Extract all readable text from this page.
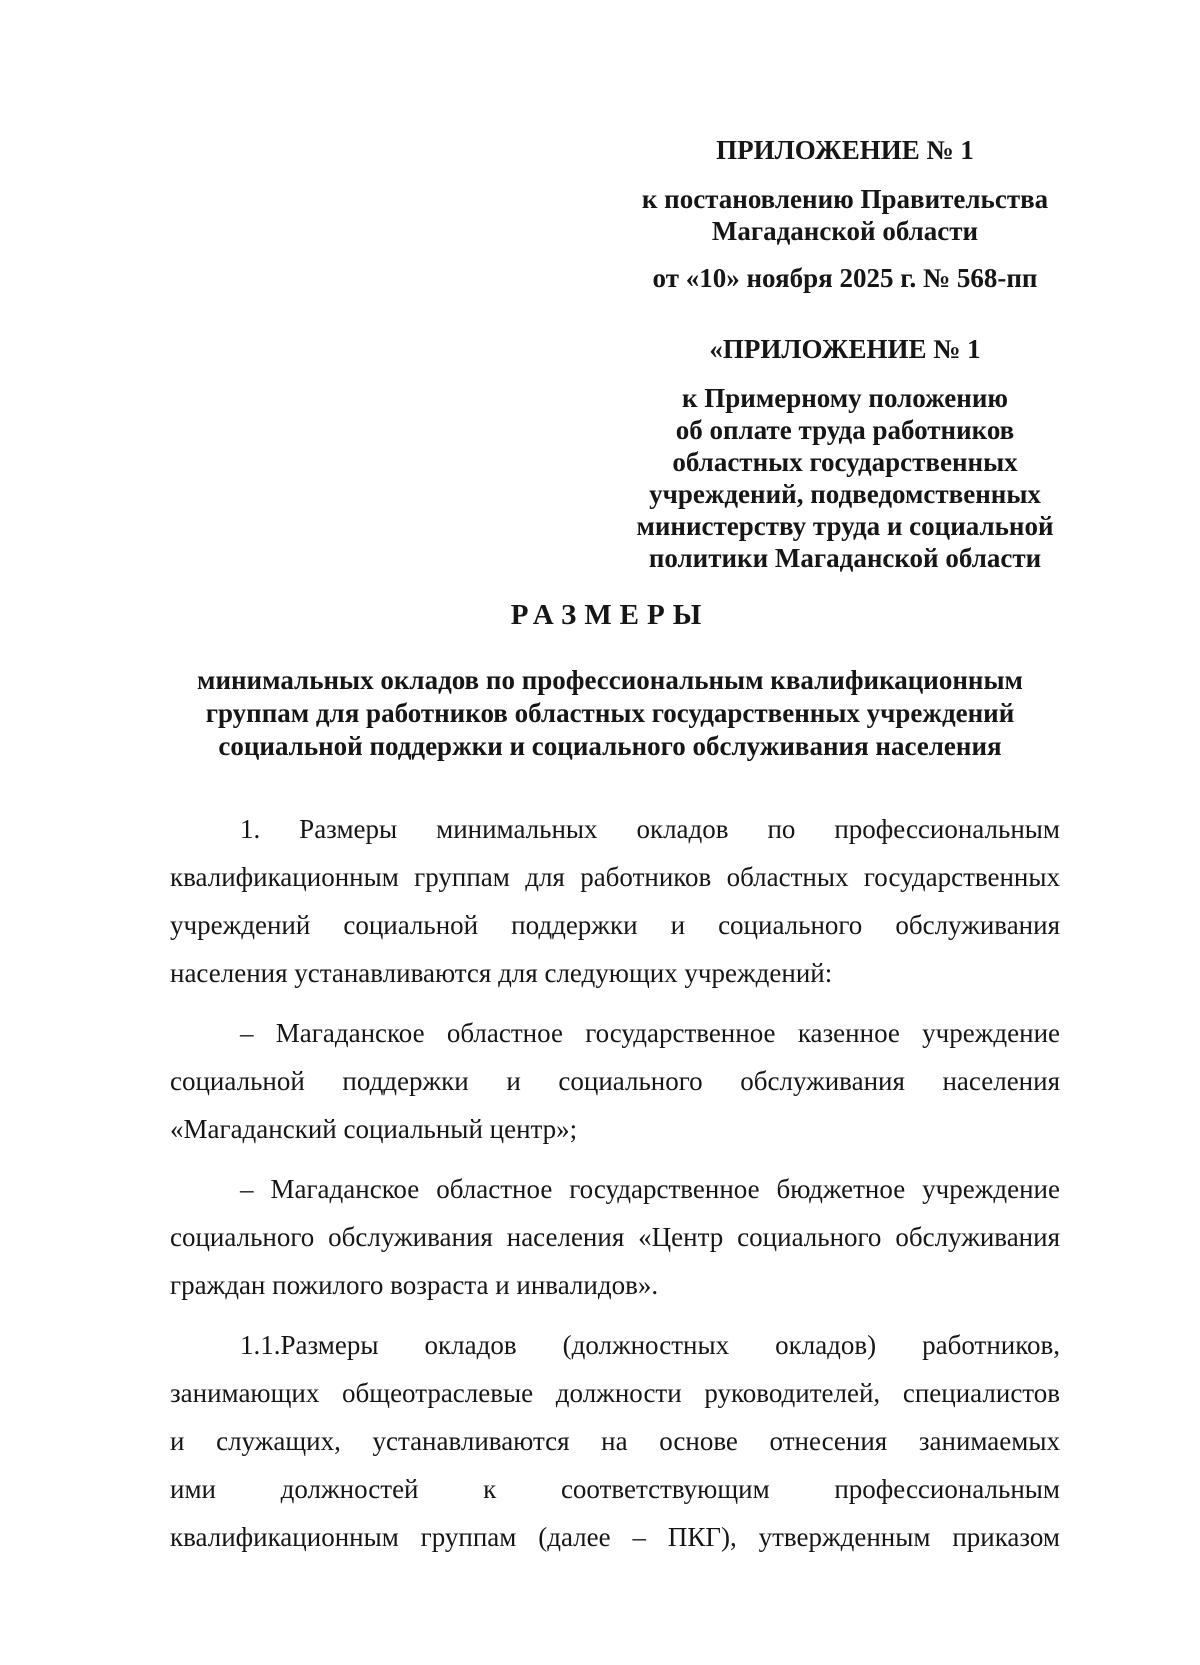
ПРИЛОЖЕНИЕ № 1
к постановлению Правительства
Магаданской области
от «10» ноября 2025 г. № 568-пп
«ПРИЛОЖЕНИЕ № 1
к Примерному положению
об оплате труда работников
областных государственных
учреждений, подведомственных
министерству труда и социальной
политики Магаданской области
РАЗМЕРЫ
минимальных окладов по профессиональным квалификационным
группам для работников областных государственных учреждений
социальной поддержки и социального обслуживания населения
1. Размеры минимальных окладов по профессиональным
квалификационным группам для работников областных государственных
учреждений социальной поддержки и социального обслуживания
населения устанавливаются для следующих учреждений:
– Магаданское областное государственное казенное учреждение
социальной поддержки и социального обслуживания населения
«Магаданский социальный центр»;
– Магаданское областное государственное бюджетное учреждение
социального обслуживания населения «Центр социального обслуживания
граждан пожилого возраста и инвалидов».
1.1.Размеры окладов (должностных окладов) работников,
занимающих общеотраслевые должности руководителей, специалистов
и служащих, устанавливаются на основе отнесения занимаемых
ими должностей к соответствующим профессиональным
квалификационным группам (далее – ПКГ), утвержденным приказом
